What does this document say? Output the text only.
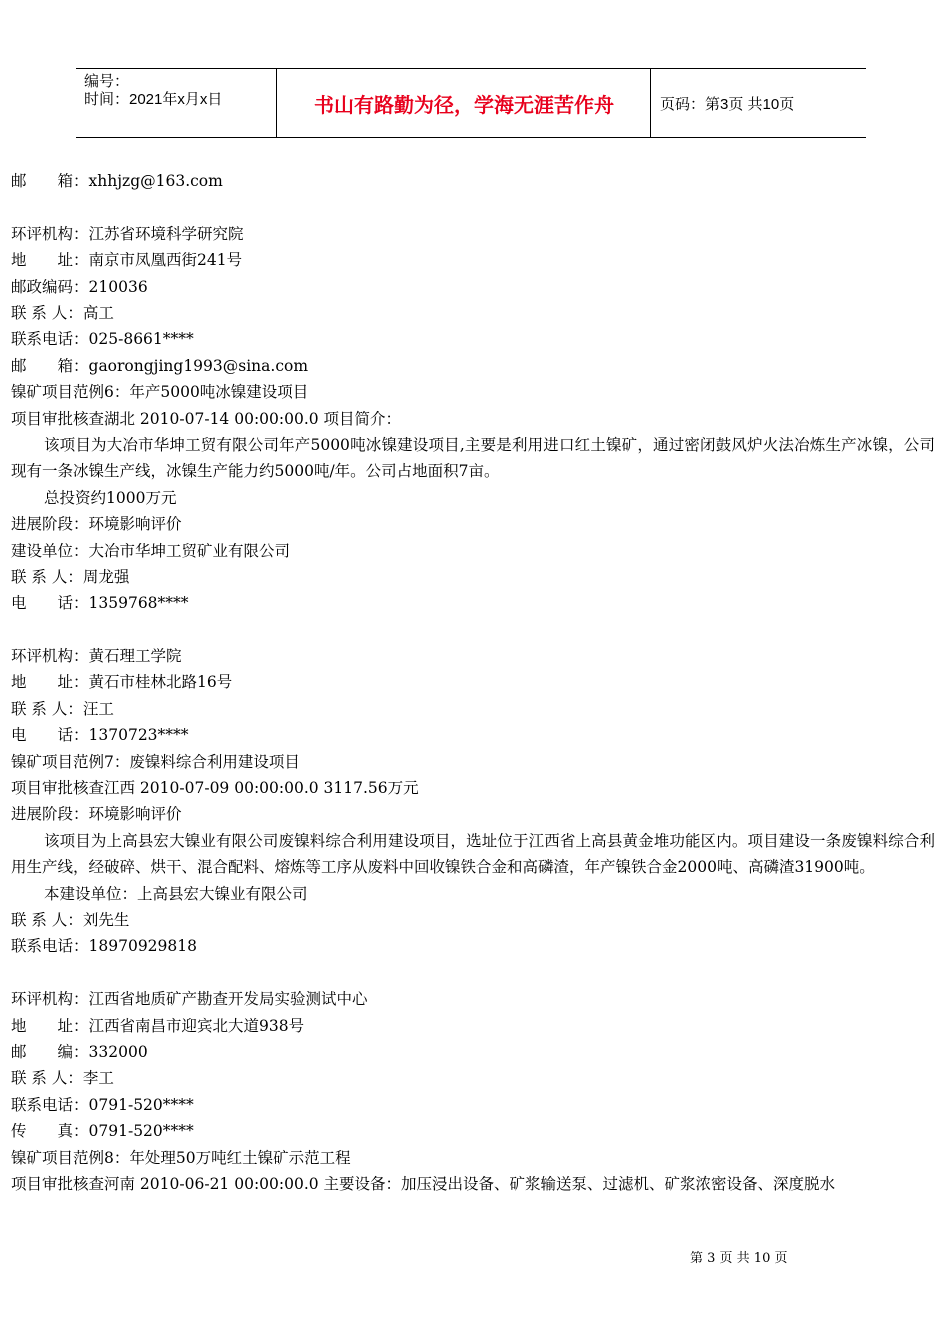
编号：
时间：2021年x月x日	书山有路勤为径，学海无涯苦作舟	页码：第3页 共10页
邮　　箱：xhhjzg@163.com
环评机构：江苏省环境科学研究院
地　　址：南京市凤凰西街241号
邮政编码：210036
联 系 人：高工
联系电话：025-8661****
邮　　箱：gaorongjing1993@sina.com
镍矿项目范例6：年产5000吨冰镍建设项目
项目审批核查湖北 2010-07-14 00:00:00.0 项目简介：
该项目为大冶市华坤工贸有限公司年产5000吨冰镍建设项目,主要是利用进口红土镍矿，通过密闭鼓风炉火法冶炼生产冰镍，公司现有一条冰镍生产线，冰镍生产能力约5000吨/年。公司占地面积7亩。
总投资约1000万元
进展阶段：环境影响评价
建设单位：大冶市华坤工贸矿业有限公司
联 系 人：周龙强
电　　话：1359768****
环评机构：黄石理工学院
地　　址：黄石市桂林北路16号
联 系 人：汪工
电　　话：1370723****
镍矿项目范例7：废镍料综合利用建设项目
项目审批核查江西 2010-07-09 00:00:00.0 3117.56万元
进展阶段：环境影响评价
该项目为上高县宏大镍业有限公司废镍料综合利用建设项目，选址位于江西省上高县黄金堆功能区内。项目建设一条废镍料综合利用生产线，经破碎、烘干、混合配料、熔炼等工序从废料中回收镍铁合金和高磷渣，年产镍铁合金2000吨、高磷渣31900吨。
本建设单位：上高县宏大镍业有限公司
联 系 人：刘先生
联系电话：18970929818
环评机构：江西省地质矿产勘查开发局实验测试中心
地　　址：江西省南昌市迎宾北大道938号
邮　　编：332000
联 系 人：李工
联系电话：0791-520****
传　　真：0791-520****
镍矿项目范例8：年处理50万吨红土镍矿示范工程
项目审批核查河南 2010-06-21 00:00:00.0 主要设备：加压浸出设备、矿浆输送泵、过滤机、矿浆浓密设备、深度脱水
第 3 页 共 10 页
